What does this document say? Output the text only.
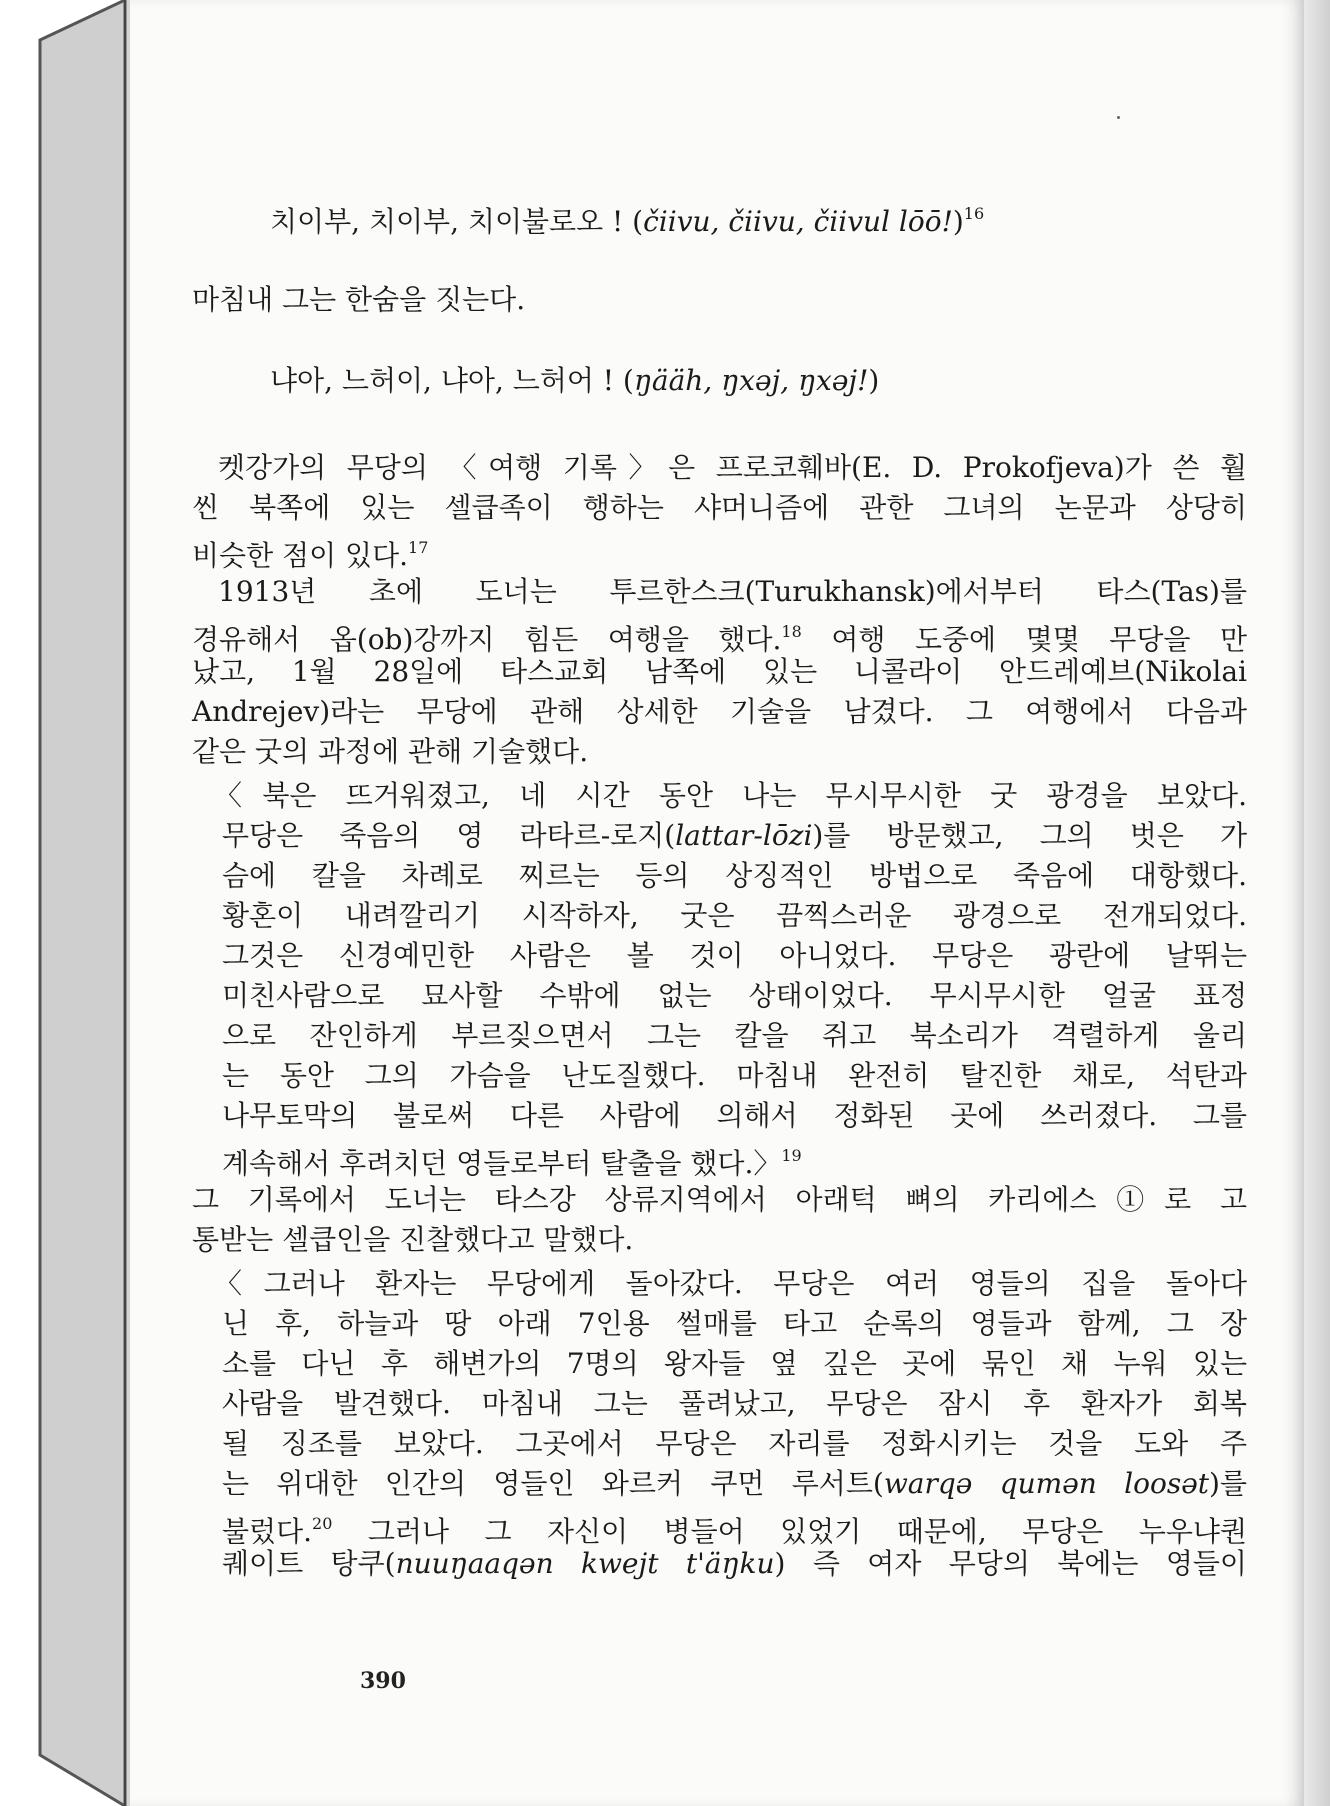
치이부, 치이부, 치이불로오 ! (čiivu, čiivu, čiivul lōō!)$^{16}$
마침내 그는 한숨을 짓는다.
냐아, 느허이, 냐아, 느허어 ! (ŋääh, ŋxəj, ŋxəj!)
켓강가의 무당의 〈여행 기록〉은 프로코훼바(E. D. Prokofjeva)가 쓴 훨
씬 북쪽에 있는 셀큽족이 행하는 샤머니즘에 관한 그녀의 논문과 상당히
비슷한 점이 있다.$^{17}$
1913년 초에 도너는 투르한스크(Turukhansk)에서부터 타스(Tas)를
경유해서 옵(ob)강까지 힘든 여행을 했다.$^{18}$ 여행 도중에 몇몇 무당을 만
났고, 1월 28일에 타스교회 남쪽에 있는 니콜라이 안드레예브(Nikolai
Andrejev)라는 무당에 관해 상세한 기술을 남겼다. 그 여행에서 다음과
같은 굿의 과정에 관해 기술했다.
〈북은 뜨거워졌고, 네 시간 동안 나는 무시무시한 굿 광경을 보았다.
무당은 죽음의 영 라타르-로지(lattar-lōzi)를 방문했고, 그의 벗은 가
슴에 칼을 차례로 찌르는 등의 상징적인 방법으로 죽음에 대항했다.
황혼이 내려깔리기 시작하자, 굿은 끔찍스러운 광경으로 전개되었다.
그것은 신경예민한 사람은 볼 것이 아니었다. 무당은 광란에 날뛰는
미친사람으로 묘사할 수밖에 없는 상태이었다. 무시무시한 얼굴 표정
으로 잔인하게 부르짖으면서 그는 칼을 쥐고 북소리가 격렬하게 울리
는 동안 그의 가슴을 난도질했다. 마침내 완전히 탈진한 채로, 석탄과
나무토막의 불로써 다른 사람에 의해서 정화된 곳에 쓰러졌다. 그를
계속해서 후려치던 영들로부터 탈출을 했다.〉$^{19}$
그 기록에서 도너는 타스강 상류지역에서 아래턱 뼈의 카리에스①로 고
통받는 셀큽인을 진찰했다고 말했다.
〈그러나 환자는 무당에게 돌아갔다. 무당은 여러 영들의 집을 돌아다
닌 후, 하늘과 땅 아래 7인용 썰매를 타고 순록의 영들과 함께, 그 장
소를 다닌 후 해변가의 7명의 왕자들 옆 깊은 곳에 묶인 채 누워 있는
사람을 발견했다. 마침내 그는 풀려났고, 무당은 잠시 후 환자가 회복
될 징조를 보았다. 그곳에서 무당은 자리를 정화시키는 것을 도와 주
는 위대한 인간의 영들인 와르커 쿠먼 루서트(warqə qumən loosət)를
불렀다.$^{20}$ 그러나 그 자신이 병들어 있었기 때문에, 무당은 누우냐퀀
퀘이트 탕쿠(nuuŋaaqən kwejt t'äŋku) 즉 여자 무당의 북에는 영들이
390
